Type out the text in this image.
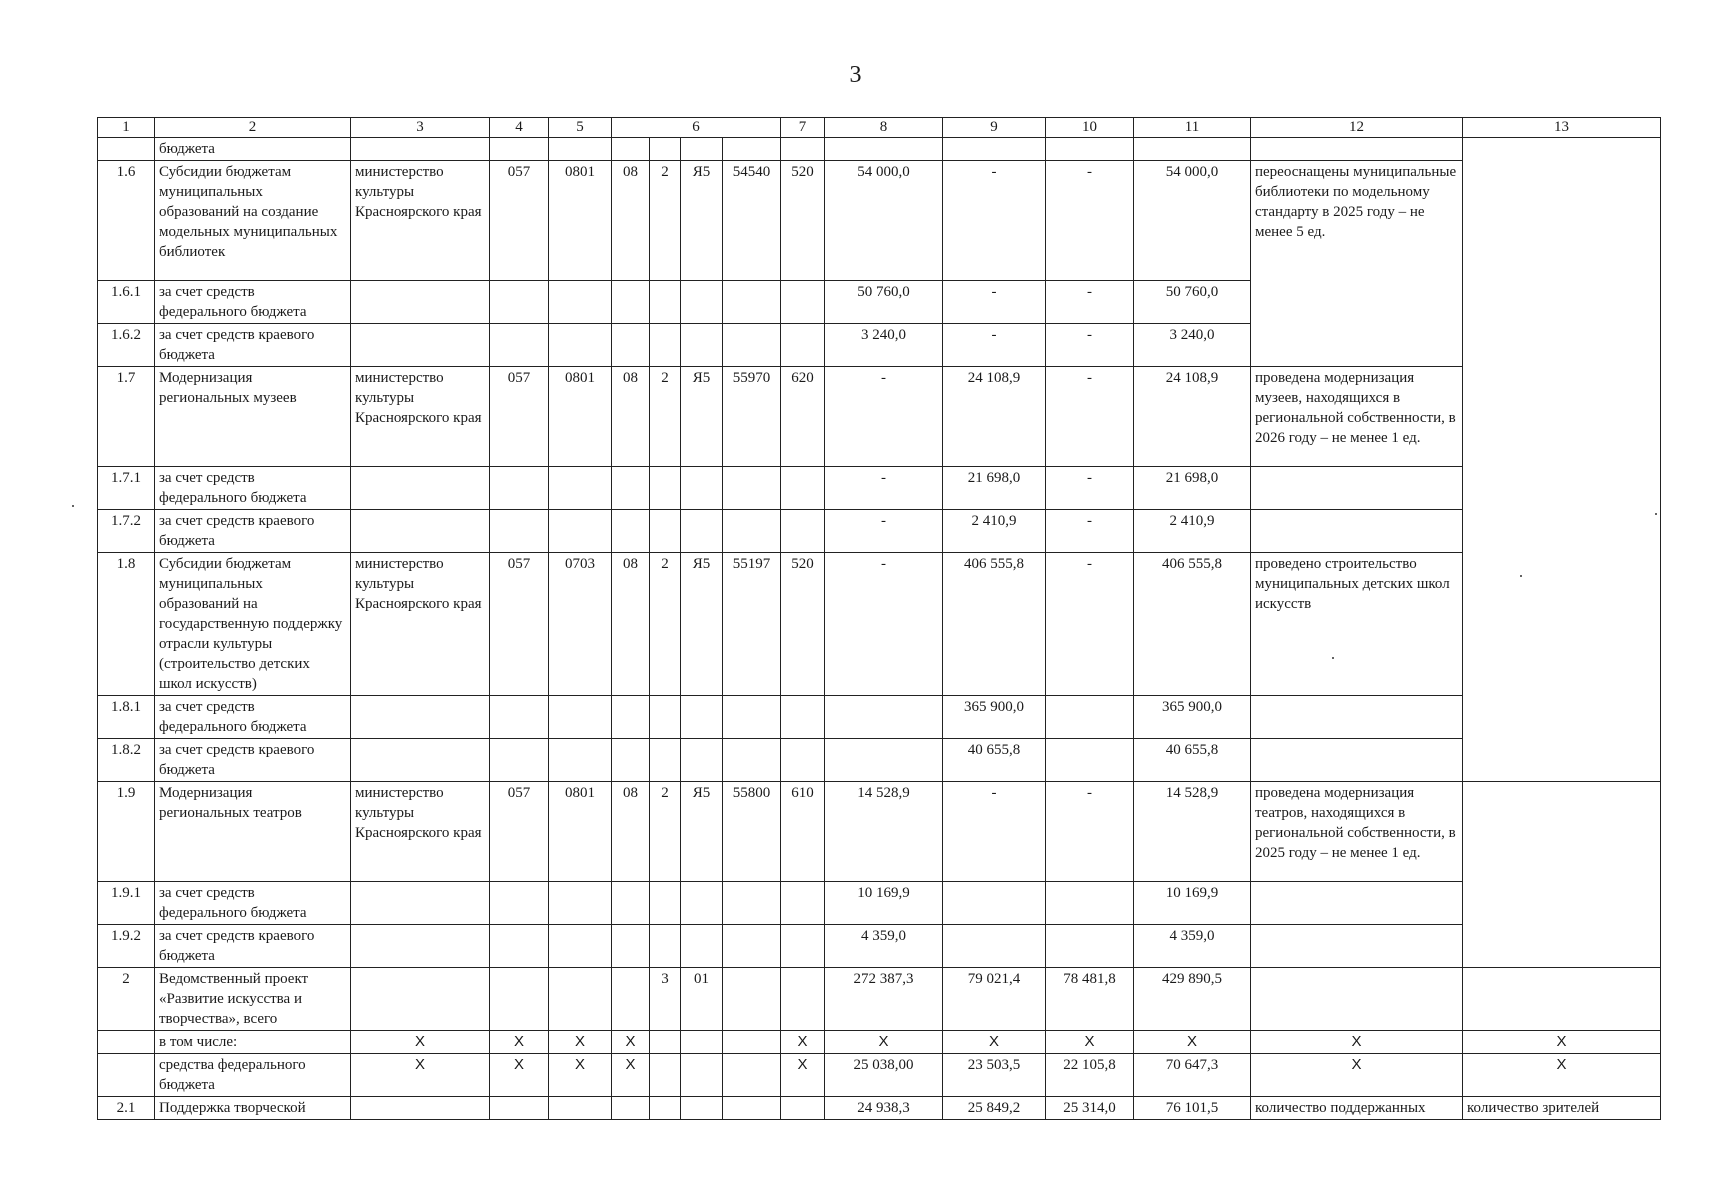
3
1	2	3	4	5	6				7	8	9	10	11	12	13
	бюджета														
1.6	Субсидии бюджетам муниципальных образований на создание модельных муниципальных библиотек	министерство культуры Красноярского края	057	0801	08	2	Я5	54540	520	54 000,0	-	-	54 000,0	переоснащены муниципальные библиотеки по модельному стандарту в 2025 году – не менее 5 ед.	
1.6.1	за счет средств федерального бюджета									50 760,0	-	-	50 760,0		
1.6.2	за счет средств краевого бюджета									3 240,0	-	-	3 240,0		
1.7	Модернизация региональных музеев	министерство культуры Красноярского края	057	0801	08	2	Я5	55970	620	-	24 108,9	-	24 108,9	проведена модернизация музеев, находящихся в региональной собственности, в 2026 году – не менее 1 ед.	
1.7.1	за счет средств федерального бюджета									-	21 698,0	-	21 698,0		
1.7.2	за счет средств краевого бюджета									-	2 410,9	-	2 410,9		
1.8	Субсидии бюджетам муниципальных образований на государственную поддержку отрасли культуры (строительство детских школ искусств)	министерство культуры Красноярского края	057	0703	08	2	Я5	55197	520	-	406 555,8	-	406 555,8	проведено строительство муниципальных детских школ искусств	
1.8.1	за счет средств федерального бюджета										365 900,0		365 900,0		
1.8.2	за счет средств краевого бюджета										40 655,8		40 655,8		
1.9	Модернизация региональных театров	министерство культуры Красноярского края	057	0801	08	2	Я5	55800	610	14 528,9	-	-	14 528,9	проведена модернизация театров, находящихся в региональной собственности, в 2025 году – не менее 1 ед.	
1.9.1	за счет средств федерального бюджета									10 169,9			10 169,9		
1.9.2	за счет средств краевого бюджета									4 359,0			4 359,0		
2	Ведомственный проект «Развитие искусства и творчества», всего					3	01			272 387,3	79 021,4	78 481,8	429 890,5		
	в том числе:	Х	Х	Х	Х				Х	Х	Х	Х	Х	Х	Х
	средства федерального бюджета	Х	Х	Х	Х				Х	25 038,00	23 503,5	22 105,8	70 647,3	Х	Х
2.1	Поддержка творческой									24 938,3	25 849,2	25 314,0	76 101,5	количество поддержанных	количество зрителей
